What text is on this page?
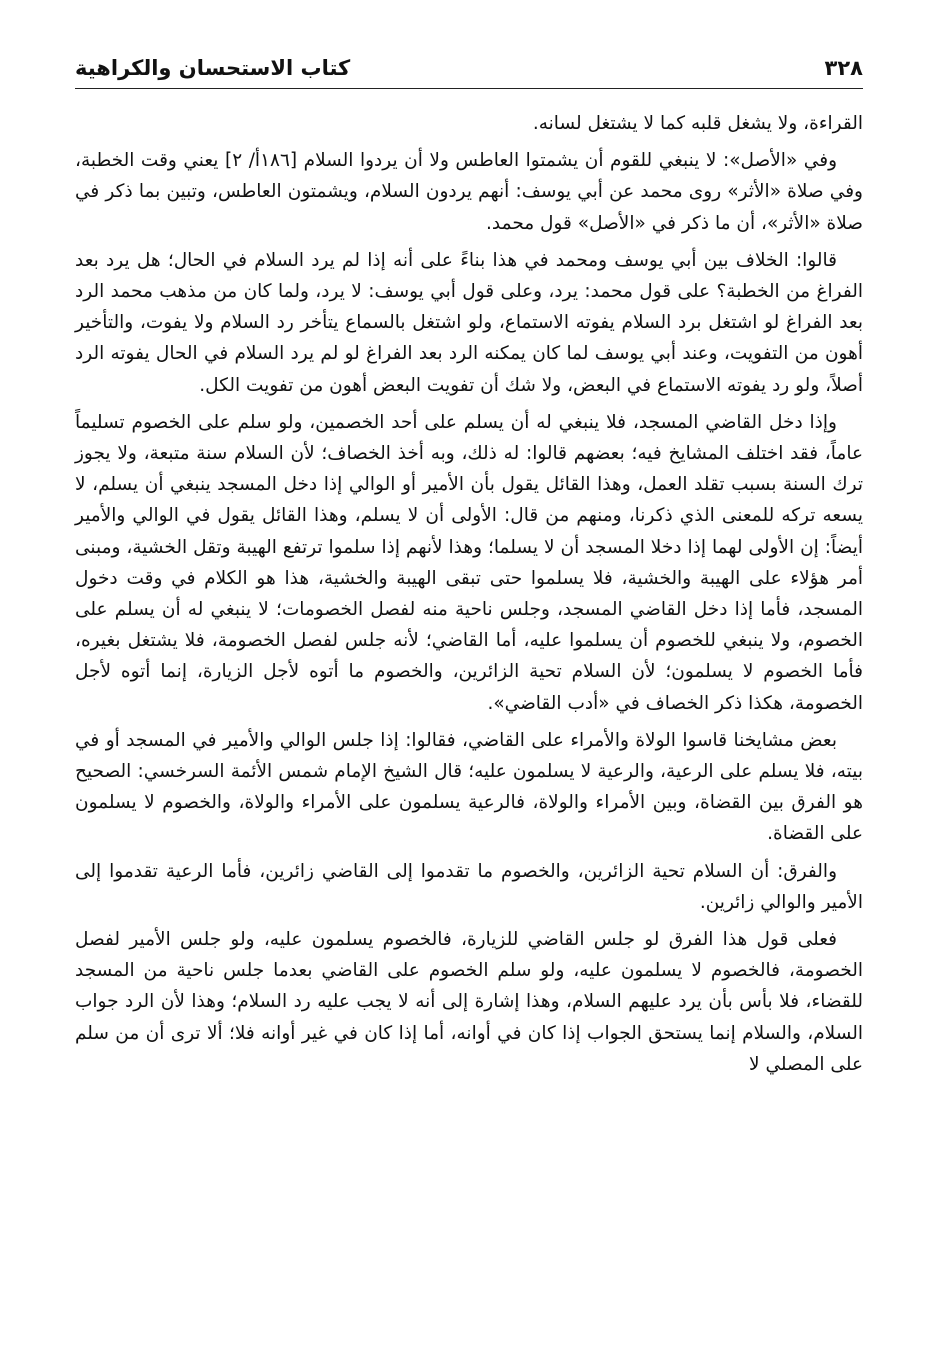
٣٢٨
كتاب الاستحسان والكراهية

القراءة، ولا يشغل قلبه كما لا يشتغل لسانه.

وفي «الأصل»: لا ينبغي للقوم أن يشمتوا العاطس ولا أن يردوا السلام [١٨٦أ/ ٢] يعني وقت الخطبة، وفي صلاة «الأثر» روى محمد عن أبي يوسف: أنهم يردون السلام، ويشمتون العاطس، وتبين بما ذكر في صلاة «الأثر»، أن ما ذكر في «الأصل» قول محمد.

قالوا: الخلاف بين أبي يوسف ومحمد في هذا بناءً على أنه إذا لم يرد السلام في الحال؛ هل يرد بعد الفراغ من الخطبة؟ على قول محمد: يرد، وعلى قول أبي يوسف: لا يرد، ولما كان من مذهب محمد الرد بعد الفراغ لو اشتغل برد السلام يفوته الاستماع، ولو اشتغل بالسماع يتأخر رد السلام ولا يفوت، والتأخير أهون من التفويت، وعند أبي يوسف لما كان يمكنه الرد بعد الفراغ لو لم يرد السلام في الحال يفوته الرد أصلاً، ولو رد يفوته الاستماع في البعض، ولا شك أن تفويت البعض أهون من تفويت الكل.

وإذا دخل القاضي المسجد، فلا ينبغي له أن يسلم على أحد الخصمين، ولو سلم على الخصوم تسليماً عاماً، فقد اختلف المشايخ فيه؛ بعضهم قالوا: له ذلك، وبه أخذ الخصاف؛ لأن السلام سنة متبعة، ولا يجوز ترك السنة بسبب تقلد العمل، وهذا القائل يقول بأن الأمير أو الوالي إذا دخل المسجد ينبغي أن يسلم، لا يسعه تركه للمعنى الذي ذكرنا، ومنهم من قال: الأولى أن لا يسلم، وهذا القائل يقول في الوالي والأمير أيضاً: إن الأولى لهما إذا دخلا المسجد أن لا يسلما؛ وهذا لأنهم إذا سلموا ترتفع الهيبة وتقل الخشية، ومبنى أمر هؤلاء على الهيبة والخشية، فلا يسلموا حتى تبقى الهيبة والخشية، هذا هو الكلام في وقت دخول المسجد، فأما إذا دخل القاضي المسجد، وجلس ناحية منه لفصل الخصومات؛ لا ينبغي له أن يسلم على الخصوم، ولا ينبغي للخصوم أن يسلموا عليه، أما القاضي؛ لأنه جلس لفصل الخصومة، فلا يشتغل بغيره، فأما الخصوم لا يسلمون؛ لأن السلام تحية الزائرين، والخصوم ما أتوه لأجل الزيارة، إنما أتوه لأجل الخصومة، هكذا ذكر الخصاف في «أدب القاضي».

بعض مشايخنا قاسوا الولاة والأمراء على القاضي، فقالوا: إذا جلس الوالي والأمير في المسجد أو في بيته، فلا يسلم على الرعية، والرعية لا يسلمون عليه؛ قال الشيخ الإمام شمس الأئمة السرخسي: الصحيح هو الفرق بين القضاة، وبين الأمراء والولاة، فالرعية يسلمون على الأمراء والولاة، والخصوم لا يسلمون على القضاة.

والفرق: أن السلام تحية الزائرين، والخصوم ما تقدموا إلى القاضي زائرين، فأما الرعية تقدموا إلى الأمير والوالي زائرين.

فعلى قول هذا الفرق لو جلس القاضي للزيارة، فالخصوم يسلمون عليه، ولو جلس الأمير لفصل الخصومة، فالخصوم لا يسلمون عليه، ولو سلم الخصوم على القاضي بعدما جلس ناحية من المسجد للقضاء، فلا بأس بأن يرد عليهم السلام، وهذا إشارة إلى أنه لا يجب عليه رد السلام؛ وهذا لأن الرد جواب السلام، والسلام إنما يستحق الجواب إذا كان في أوانه، أما إذا كان في غير أوانه فلا؛ ألا ترى أن من سلم على المصلي لا
